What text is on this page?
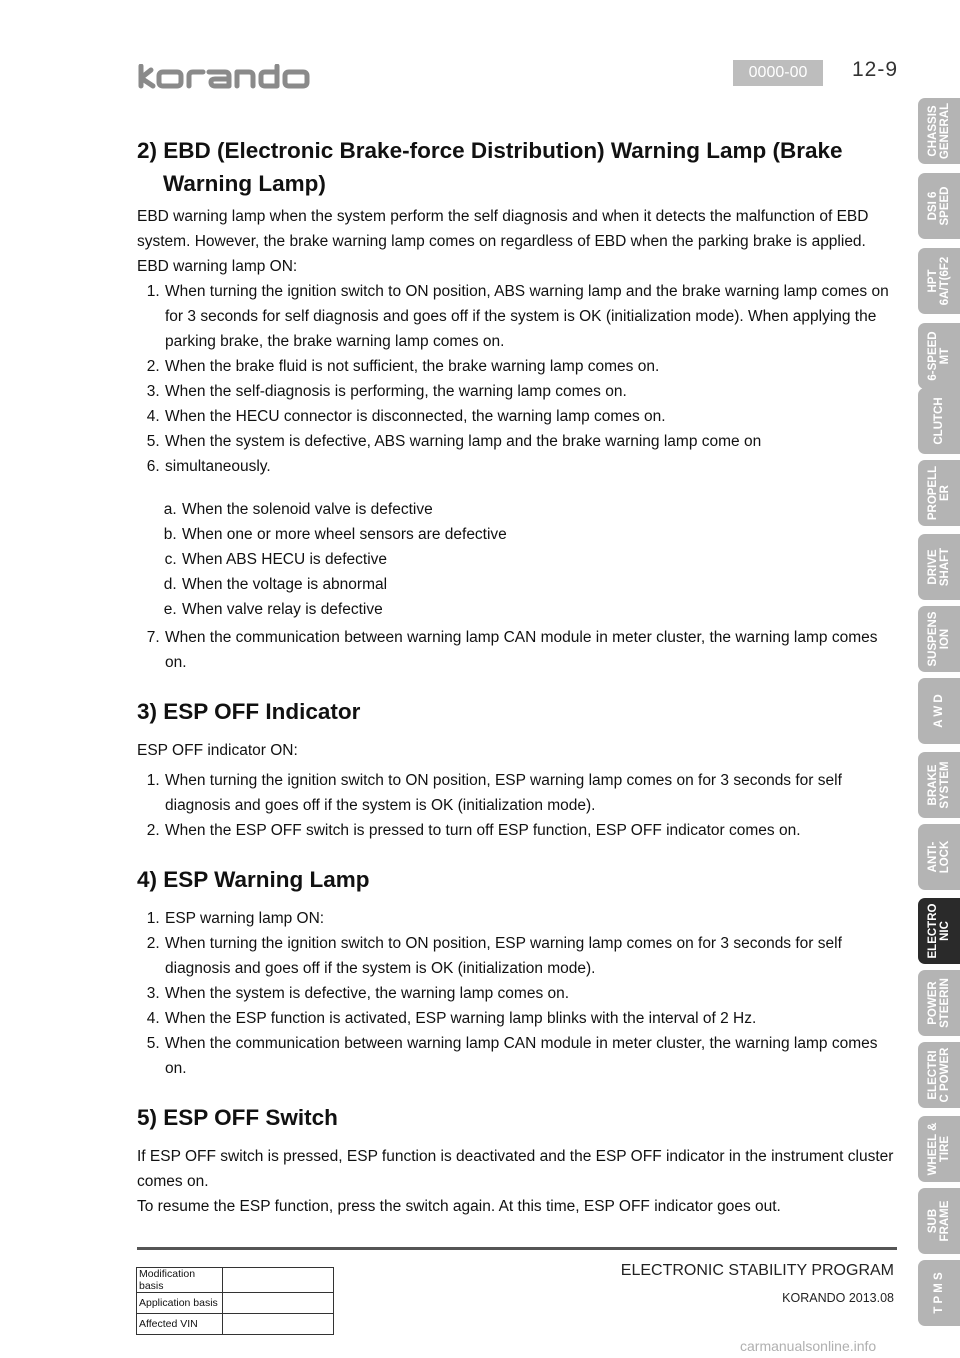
KORANDO	0000-00	12-9
2) EBD (Electronic Brake-force Distribution) Warning Lamp (Brake Warning Lamp)

EBD warning lamp when the system perform the self diagnosis and when it detects the malfunction of EBD system. However, the brake warning lamp comes on regardless of EBD when the parking brake is applied.

EBD warning lamp ON:

1. When turning the ignition switch to ON position, ABS warning lamp and the brake warning lamp comes on for 3 seconds for self diagnosis and goes off if the system is OK (initialization mode). When applying the parking brake, the brake warning lamp comes on.
2. When the brake fluid is not sufficient, the brake warning lamp comes on.
3. When the self-diagnosis is performing, the warning lamp comes on.
4. When the HECU connector is disconnected, the warning lamp comes on.
5. When the system is defective, ABS warning lamp and the brake warning lamp come on
6. simultaneously.
a. When the solenoid valve is defective
b. When one or more wheel sensors are defective
c. When ABS HECU is defective
d. When the voltage is abnormal
e. When valve relay is defective
7. When the communication between warning lamp CAN module in meter cluster, the warning lamp comes on.
3) ESP OFF Indicator

ESP OFF indicator ON:

1. When turning the ignition switch to ON position, ESP warning lamp comes on for 3 seconds for self diagnosis and goes off if the system is OK (initialization mode).
2. When the ESP OFF switch is pressed to turn off ESP function, ESP OFF indicator comes on.
4) ESP Warning Lamp
1. ESP warning lamp ON:
2. When turning the ignition switch to ON position, ESP warning lamp comes on for 3 seconds for self diagnosis and goes off if the system is OK (initialization mode).
3. When the system is defective, the warning lamp comes on.
4. When the ESP function is activated, ESP warning lamp blinks with the interval of 2 Hz.
5. When the communication between warning lamp CAN module in meter cluster, the warning lamp comes on.
5) ESP OFF Switch

If ESP OFF switch is pressed, ESP function is deactivated and the ESP OFF indicator in the instrument cluster comes on.

To resume the ESP function, press the switch again. At this time, ESP OFF indicator goes out.

CHASSIS
GENERAL
DSI 6
SPEED
HPT
6A/T(6F2
6-SPEED
MT
CLUTCH
PROPELL
ER
DRIVE
SHAFT
SUSPENS
ION
A W D
BRAKE
SYSTEM
ANTI-
LOCK
ELECTRO
NIC
POWER
STEERIN
ELECTRI
C POWER
WHEEL &
TIRE
SUB
FRAME
T P M S
Modification basis	
Application basis	
Affected VIN	
ELECTRONIC STABILITY PROGRAM
KORANDO 2013.08
carmanualsonline.info
